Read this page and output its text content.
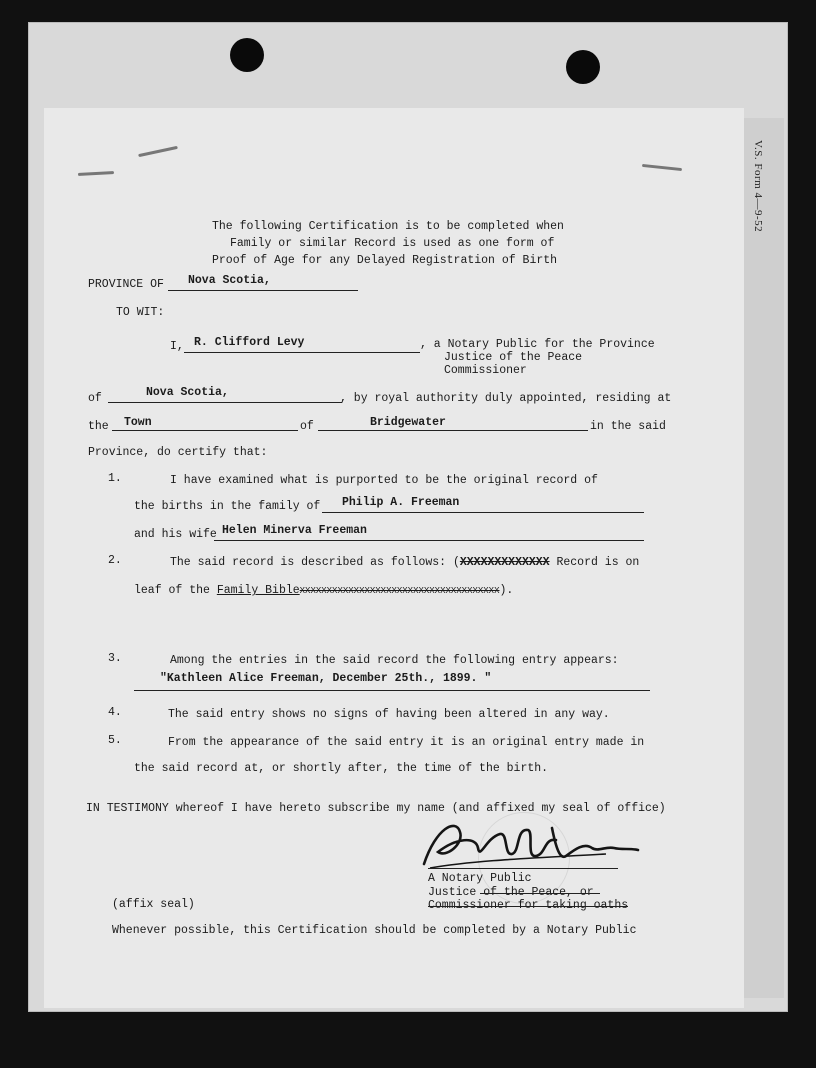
V.S. Form 4—9-52
The following Certification is to be completed when
Family or similar Record is used as one form of
Proof of Age for any Delayed Registration of Birth
PROVINCE OF Nova Scotia,
TO WIT:
I, R. Clifford Levy	, a Notary Public for the Province
Justice of the Peace
Commissioner
of	Nova Scotia,	, by royal authority duly appointed, residing at
the Town	of	Bridgewater	in the said
Province, do certify that:
1.	I have examined what is purported to be the original record of
the births in the family of Philip A. Freeman
and his wife Helen Minerva Freeman
2.	The said record is described as follows: (XXXXXXXXXXXXX Record is on
leaf of the Family BibleXXXXXXXXXXXXXXXXXXXXXXXXXXXXXXXXXXXXX).
3.	Among the entries in the said record the following entry appears:
"Kathleen Alice Freeman, December 25th., 1899. "
4.	The said entry shows no signs of having been altered in any way.
5.	From the appearance of the said entry it is an original entry made in
the said record at, or shortly after, the time of the birth.
IN TESTIMONY whereof I have hereto subscribe my name (and affixed my seal of office)
A Notary Public
Justice of the Peace, or
Commissioner for taking oaths
(affix seal)
Whenever possible, this Certification should be completed by a Notary Public
